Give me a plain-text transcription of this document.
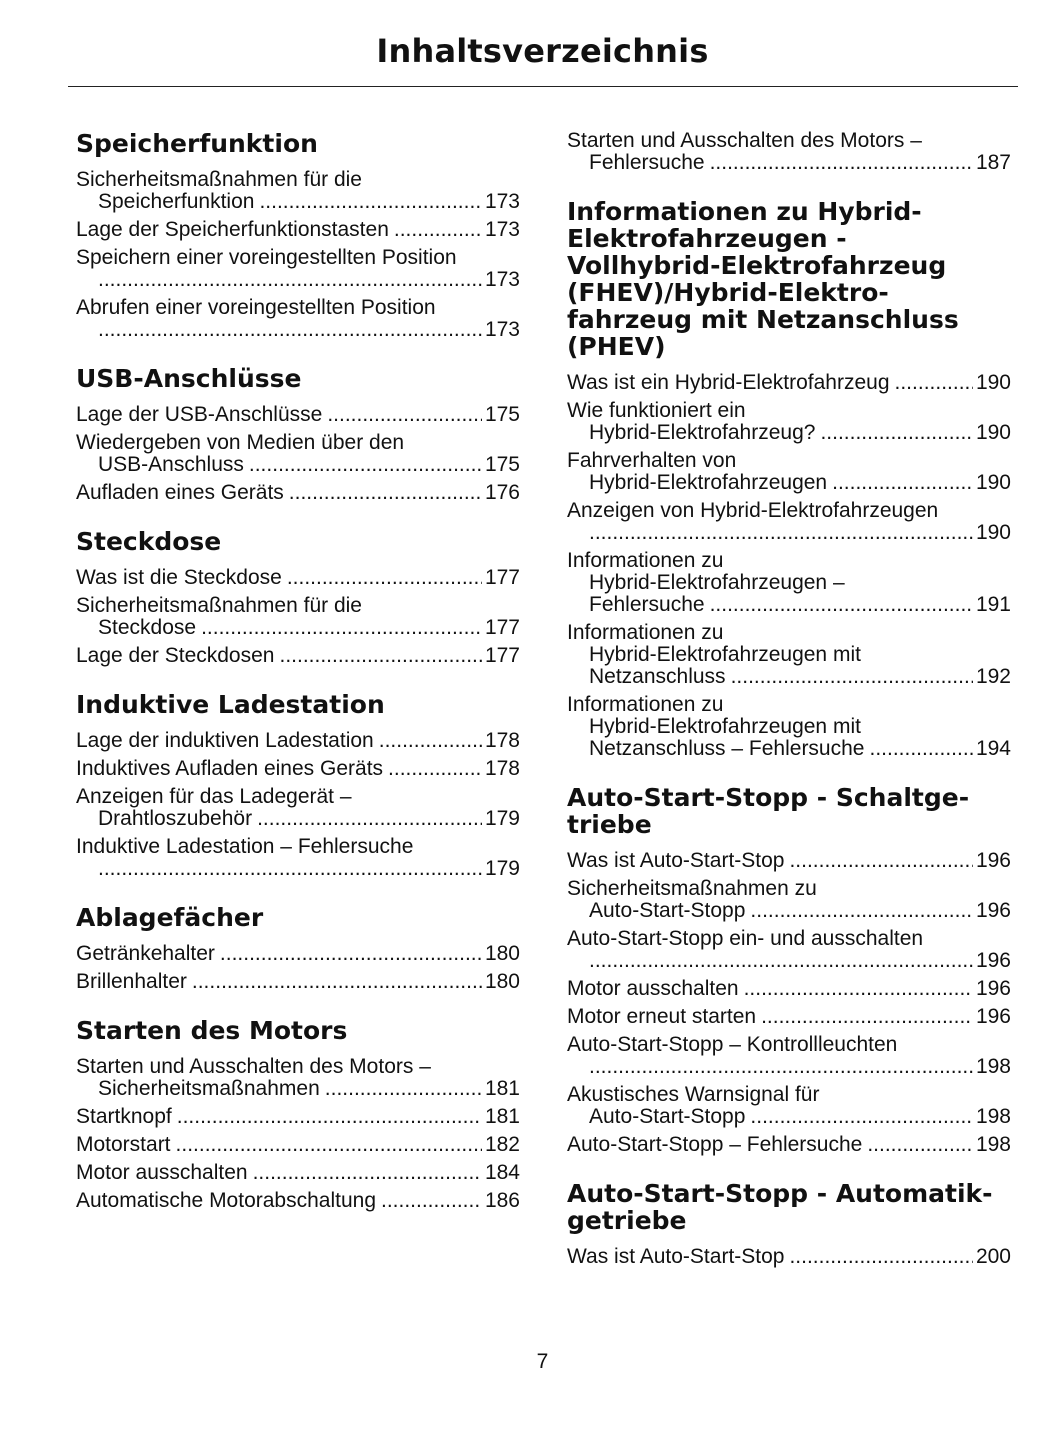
Inhaltsverzeichnis
Speicherfunktion
Sicherheitsmaßnahmen für die
Speicherfunktion .....	173
Lage der Speicherfunktionstasten .....	173
Speichern einer voreingestellten Position
.....
173
Abrufen einer voreingestellten Position
.....
173
USB-Anschlüsse
Lage der USB-Anschlüsse .....	175
Wiedergeben von Medien über den
USB-Anschluss .....	175
Aufladen eines Geräts .....	176
Steckdose
Was ist die Steckdose .....	177
Sicherheitsmaßnahmen für die
Steckdose .....	177
Lage der Steckdosen .....	177
Induktive Ladestation
Lage der induktiven Ladestation .....	178
Induktives Aufladen eines Geräts .....	178
Anzeigen für das Ladegerät –
Drahtloszubehör .....	179
Induktive Ladestation – Fehlersuche
.....
179
Ablagefächer
Getränkehalter .....	180
Brillenhalter .....	180
Starten des Motors
Starten und Ausschalten des Motors –
Sicherheitsmaßnahmen .....	181
Startknopf .....	181
Motorstart .....	182
Motor ausschalten .....	184
Automatische Motorabschaltung .....	186
Starten und Ausschalten des Motors –
Fehlersuche .....	187
Informationen zu Hybrid-
Elektrofahrzeugen -
Vollhybrid-Elektrofahrzeug
(FHEV)/Hybrid-Elektro-
fahrzeug mit Netzanschluss
(PHEV)
Was ist ein Hybrid-Elektrofahrzeug .....	190
Wie funktioniert ein
Hybrid-Elektrofahrzeug? .....	190
Fahrverhalten von
Hybrid-Elektrofahrzeugen .....	190
Anzeigen von Hybrid-Elektrofahrzeugen
.....
190
Informationen zu
Hybrid-Elektrofahrzeugen –
Fehlersuche .....	191
Informationen zu
Hybrid-Elektrofahrzeugen mit
Netzanschluss .....	192
Informationen zu
Hybrid-Elektrofahrzeugen mit
Netzanschluss – Fehlersuche .....	194
Auto-Start-Stopp - Schaltge-
triebe
Was ist Auto-Start-Stop .....	196
Sicherheitsmaßnahmen zu
Auto-Start-Stopp .....	196
Auto-Start-Stopp ein- und ausschalten
.....
196
Motor ausschalten .....	196
Motor erneut starten .....	196
Auto-Start-Stopp – Kontrollleuchten
.....
198
Akustisches Warnsignal für
Auto-Start-Stopp .....	198
Auto-Start-Stopp – Fehlersuche .....	198
Auto-Start-Stopp - Automatik-
getriebe
Was ist Auto-Start-Stop .....	200
7
